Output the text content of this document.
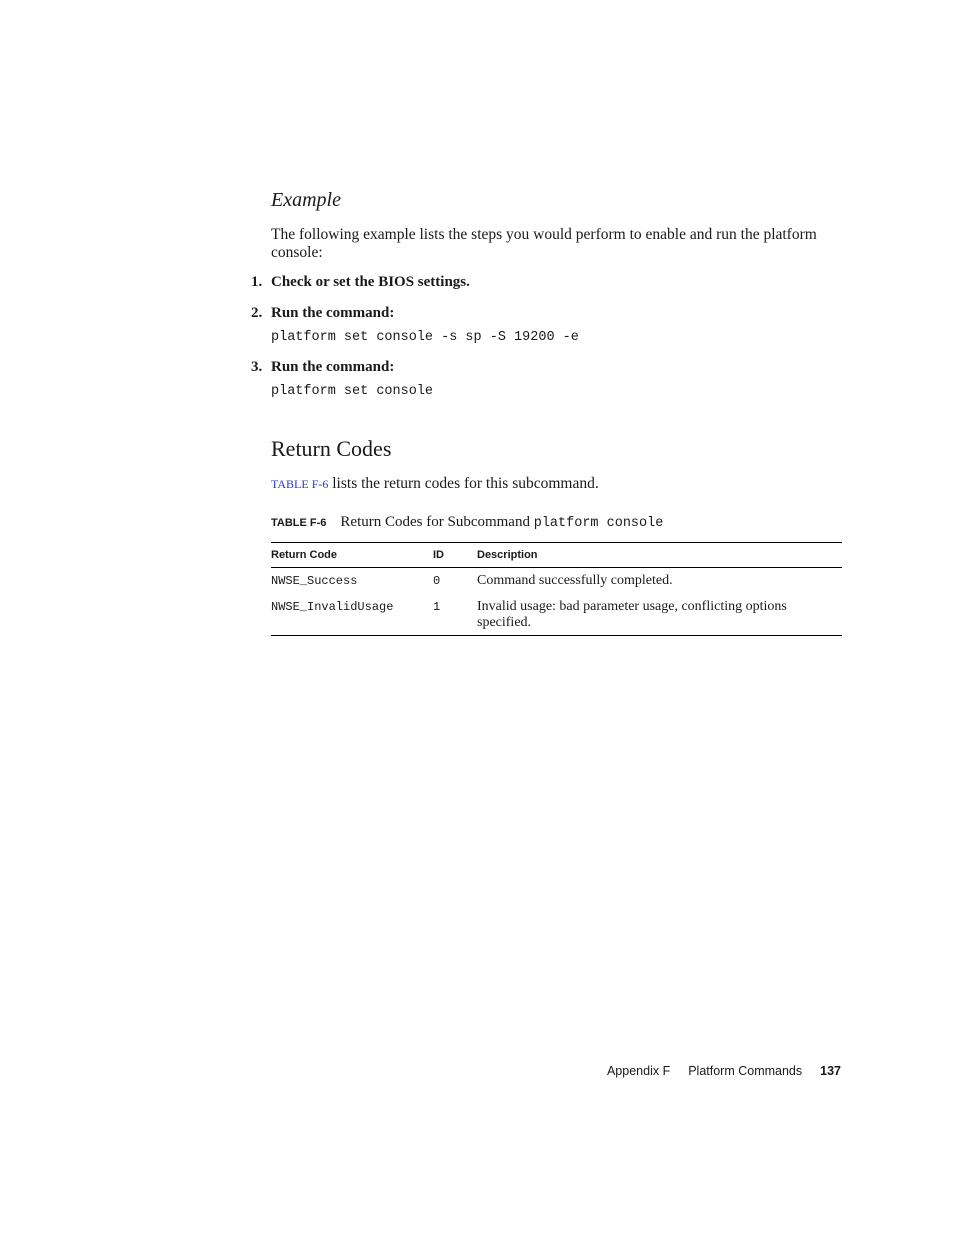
Example
The following example lists the steps you would perform to enable and run the platform console:
1. Check or set the BIOS settings.
2. Run the command:
platform set console -s sp -S 19200 -e
3. Run the command:
platform set console
Return Codes
TABLE F-6 lists the return codes for this subcommand.
TABLE F-6 Return Codes for Subcommand platform console
Return Code	ID	Description
NWSE_Success	0	Command successfully completed.
NWSE_InvalidUsage	1	Invalid usage: bad parameter usage, conflicting options specified.
Appendix F Platform Commands 137
